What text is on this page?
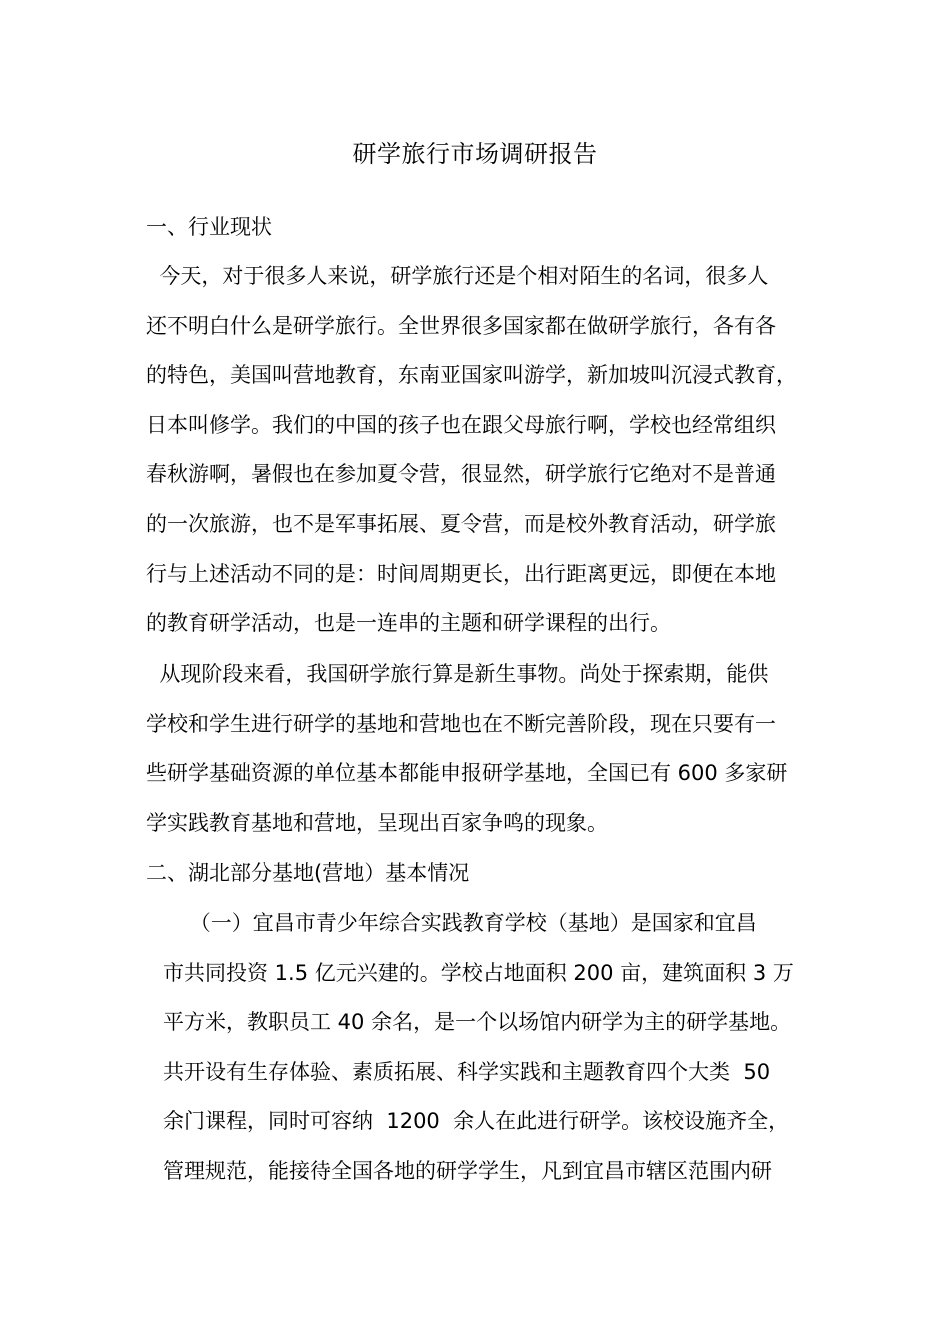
研学旅行市场调研报告
一、行业现状
今天，对于很多人来说，研学旅行还是个相对陌生的名词，很多人
还不明白什么是研学旅行。全世界很多国家都在做研学旅行，各有各
的特色，美国叫营地教育，东南亚国家叫游学，新加坡叫沉浸式教育，
日本叫修学。我们的中国的孩子也在跟父母旅行啊，学校也经常组织
春秋游啊，暑假也在参加夏令营，很显然，研学旅行它绝对不是普通
的一次旅游，也不是军事拓展、夏令营，而是校外教育活动，研学旅
行与上述活动不同的是：时间周期更长，出行距离更远，即便在本地
的教育研学活动，也是一连串的主题和研学课程的出行。
从现阶段来看，我国研学旅行算是新生事物。尚处于探索期，能供
学校和学生进行研学的基地和营地也在不断完善阶段，现在只要有一
些研学基础资源的单位基本都能申报研学基地，全国已有 600 多家研
学实践教育基地和营地，呈现出百家争鸣的现象。
二、湖北部分基地(营地）基本情况
（一）宜昌市青少年综合实践教育学校（基地）是国家和宜昌
市共同投资 1.5 亿元兴建的。学校占地面积 200 亩，建筑面积 3 万
平方米，教职员工 40 余名，是一个以场馆内研学为主的研学基地。
共开设有生存体验、素质拓展、科学实践和主题教育四个大类  50
余门课程，同时可容纳  1200  余人在此进行研学。该校设施齐全，
管理规范，能接待全国各地的研学学生，凡到宜昌市辖区范围内研
